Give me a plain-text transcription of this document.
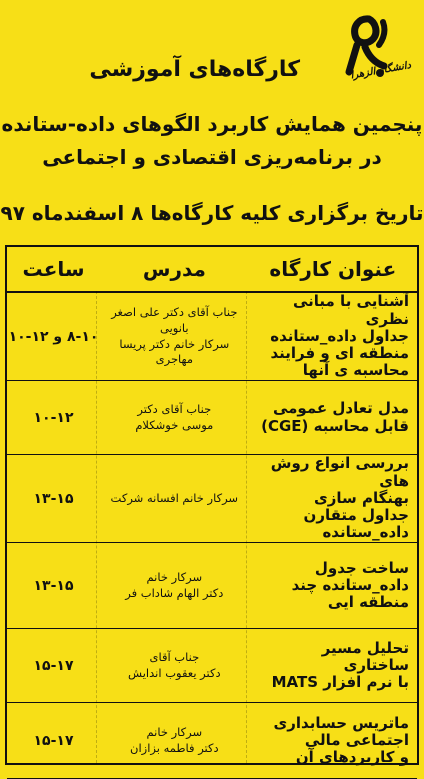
دانشگاه الزهرا
کارگاه‌های آموزشی
پنجمین همایش کاربرد الگوهای داده-ستانده
در برنامه‌ریزی اقتصادی و اجتماعی
تاریخ برگزاری کلیه کارگاه‌ها ۸ اسفندماه ۹۷
عنوان کارگاه
مدرس
ساعت
آشنایی با مبانی نظری
جداول داده_ستانده
منطقه ای و فرایند
محاسبه ی آنها
جناب آقای دکتر علی اصغر بانویی
سرکار خانم دکتر پریسا مهاجری
۸-۱۰ و ۱۲-۱۰
مدل تعادل عمومی
قابل محاسبه (CGE)
جناب آقای دکتر
موسی خوشکلام
۱۰-۱۲
بررسی انواع روش های
بهنگام سازی
جداول متقارن
داده_ستانده
سرکار خانم افسانه شرکت
۱۳-۱۵
ساخت جدول
داده_ستانده چند
منطقه ایی
سرکار خانم
دکتر الهام شاداب فر
۱۳-۱۵
تحلیل مسیر ساختاری
با نرم افزار MATS
جناب آقای
دکتر یعقوب اندایش
۱۵-۱۷
ماتریس حسابداری اجتماعی مالی
و کاربردهای آن
سرکار خانم
دکتر فاطمه بزازان
۱۵-۱۷
